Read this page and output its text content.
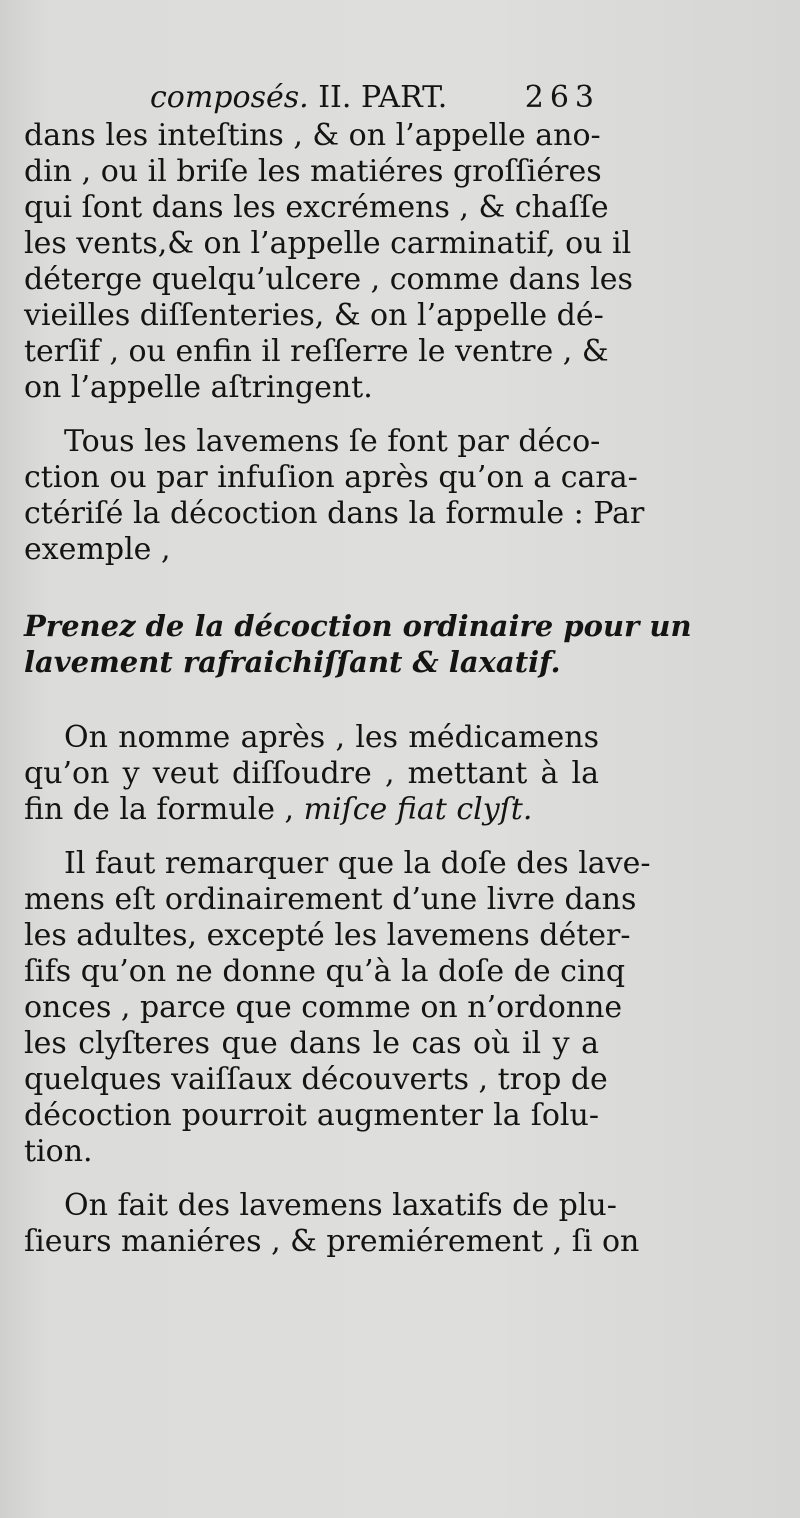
composés. II. PART.	263
dans les inteſtins , & on l’appelle ano-
din , ou il briſe les matiéres groſſiéres
qui ſont dans les excrémens , & chaſſe
les vents,& on l’appelle carminatif, ou il
déterge quelqu’ulcere , comme dans les
vieilles diſſenteries, & on l’appelle dé-
terſif , ou enfin il reſſerre le ventre , &
on l’appelle aſtringent.
Tous les lavemens ſe font par déco-
ction ou par infuſion après qu’on a cara-
ctériſé la décoction dans la formule : Par
exemple ,
Prenez de la décoction ordinaire pour un
lavement rafraichiſſant & laxatif.
On nomme après , les médicamens
qu’on y veut diſſoudre , mettant à la
fin de la formule , miſce fiat clyſt.
Il faut remarquer que la doſe des lave-
mens eſt ordinairement d’une livre dans
les adultes, excepté les lavemens déter-
ſifs qu’on ne donne qu’à la doſe de cinq
onces , parce que comme on n’ordonne
les clyſteres que dans le cas où il y a
quelques vaiſſaux découverts , trop de
décoction pourroit augmenter la ſolu-
tion.
On fait des lavemens laxatifs de plu-
ſieurs maniéres , & premiérement , ſi on
